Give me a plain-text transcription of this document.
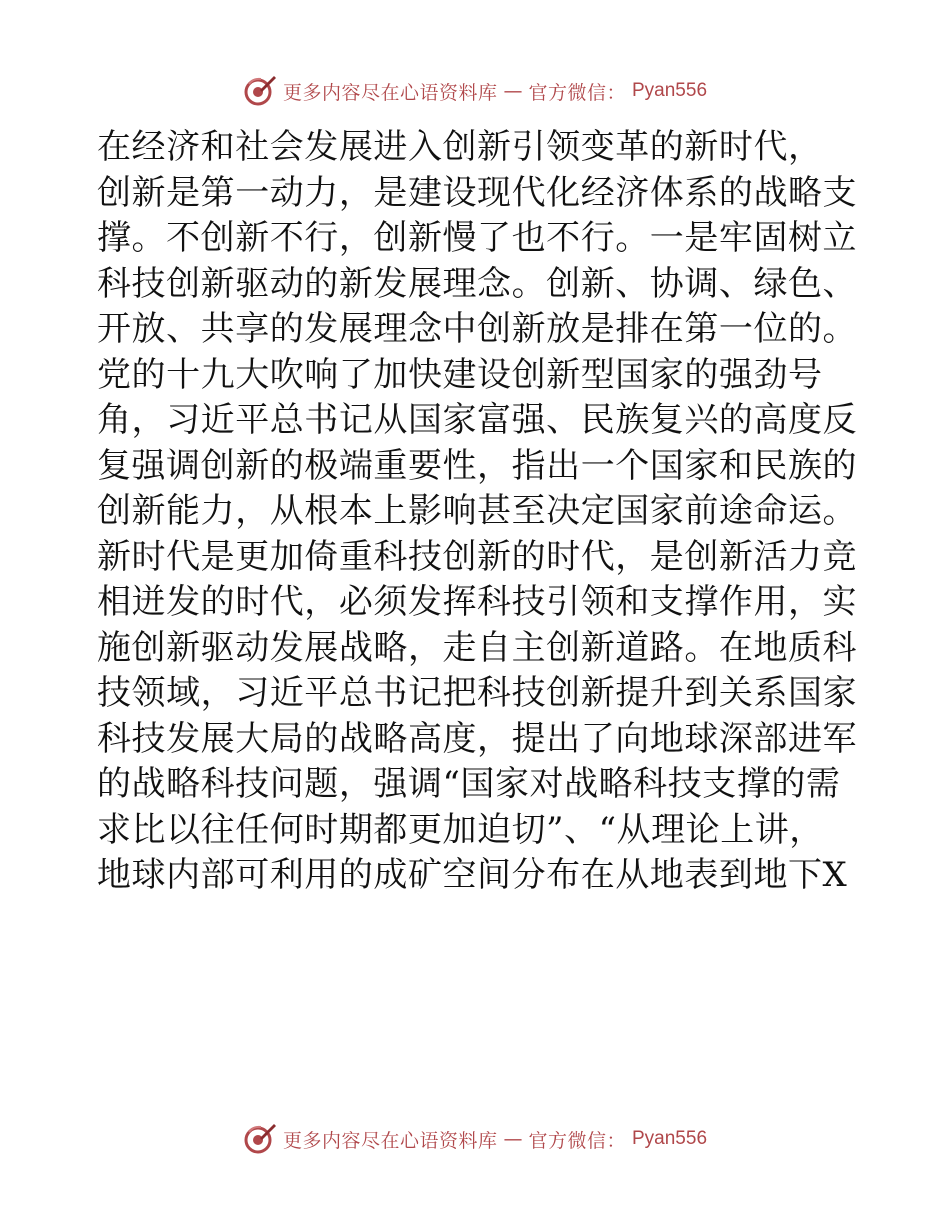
更多内容尽在心语资料库 — 官方微信： Pyan556
在经济和社会发展进入创新引领变革的新时代，
创新是第一动力，是建设现代化经济体系的战略支
撑。不创新不行，创新慢了也不行。一是牢固树立
科技创新驱动的新发展理念。创新、协调、绿色、
开放、共享的发展理念中创新放是排在第一位的。
党的十九大吹响了加快建设创新型国家的强劲号
角，习近平总书记从国家富强、民族复兴的高度反
复强调创新的极端重要性，指出一个国家和民族的
创新能力，从根本上影响甚至决定国家前途命运。
新时代是更加倚重科技创新的时代，是创新活力竞
相迸发的时代，必须发挥科技引领和支撑作用，实
施创新驱动发展战略，走自主创新道路。在地质科
技领域，习近平总书记把科技创新提升到关系国家
科技发展大局的战略高度，提出了向地球深部进军
的战略科技问题，强调“国家对战略科技支撑的需
求比以往任何时期都更加迫切”、“从理论上讲，
地球内部可利用的成矿空间分布在从地表到地下X
更多内容尽在心语资料库 — 官方微信： Pyan556
